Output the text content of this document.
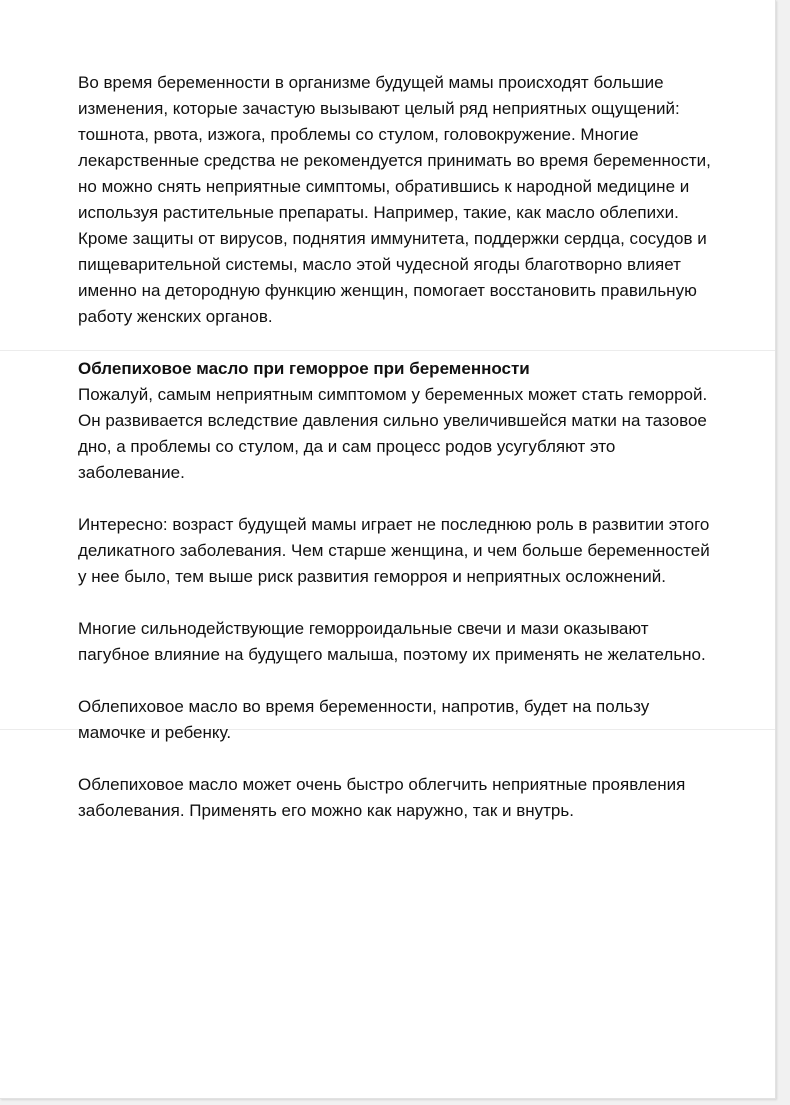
Во время беременности в организме будущей мамы происходят большие изменения, которые зачастую вызывают целый ряд неприятных ощущений: тошнота, рвота, изжога, проблемы со стулом, головокружение. Многие лекарственные средства не рекомендуется принимать во время беременности, но можно снять неприятные симптомы, обратившись к народной медицине и используя растительные препараты. Например, такие, как масло облепихи.

Кроме защиты от вирусов, поднятия иммунитета, поддержки сердца, сосудов и пищеварительной системы, масло этой чудесной ягоды благотворно влияет именно на детородную функцию женщин, помогает восстановить правильную работу женских органов.

Облепиховое масло при геморрое при беременности

Пожалуй, самым неприятным симптомом у беременных может стать геморрой. Он развивается вследствие давления сильно увеличившейся матки на тазовое дно, а проблемы со стулом, да и сам процесс родов усугубляют это заболевание.

Интересно: возраст будущей мамы играет не последнюю роль в развитии этого деликатного заболевания. Чем старше женщина, и чем больше беременностей у нее было, тем выше риск развития геморроя и неприятных осложнений.

Многие сильнодействующие геморроидальные свечи и мази оказывают пагубное влияние на будущего малыша, поэтому их применять не желательно.

Облепиховое масло во время беременности, напротив, будет на пользу мамочке и ребенку.

Облепиховое масло может очень быстро облегчить неприятные проявления заболевания. Применять его можно как наружно, так и внутрь.
